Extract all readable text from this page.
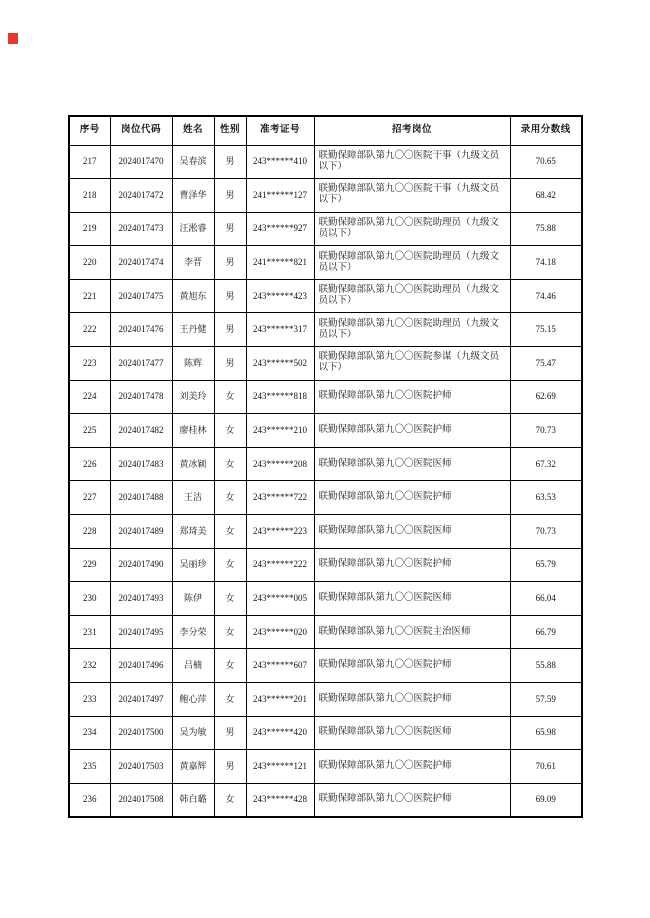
序号	岗位代码	姓名	性别	准考证号	招考岗位	录用分数线
217	2024017470	吴春滨	男	243******410	联勤保障部队第九〇〇医院干事（九级文员以下）	70.65
218	2024017472	曹泽华	男	241******127	联勤保障部队第九〇〇医院干事（九级文员以下）	68.42
219	2024017473	汪淞睿	男	243******927	联勤保障部队第九〇〇医院助理员（九级文员以下）	75.88
220	2024017474	李晋	男	241******821	联勤保障部队第九〇〇医院助理员（九级文员以下）	74.18
221	2024017475	黄旭东	男	243******423	联勤保障部队第九〇〇医院助理员（九级文员以下）	74.46
222	2024017476	王丹健	男	243******317	联勤保障部队第九〇〇医院助理员（九级文员以下）	75.15
223	2024017477	陈辉	男	243******502	联勤保障部队第九〇〇医院参谋（九级文员以下）	75.47
224	2024017478	刘美玲	女	243******818	联勤保障部队第九〇〇医院护师	62.69
225	2024017482	廖桂林	女	243******210	联勤保障部队第九〇〇医院护师	70.73
226	2024017483	黄冰颖	女	243******208	联勤保障部队第九〇〇医院医师	67.32
227	2024017488	王洁	女	243******722	联勤保障部队第九〇〇医院护师	63.53
228	2024017489	郑琦美	女	243******223	联勤保障部队第九〇〇医院医师	70.73
229	2024017490	吴丽珍	女	243******222	联勤保障部队第九〇〇医院护师	65.79
230	2024017493	陈伊	女	243******005	联勤保障部队第九〇〇医院医师	66.04
231	2024017495	李分荣	女	243******020	联勤保障部队第九〇〇医院主治医师	66.79
232	2024017496	吕楠	女	243******607	联勤保障部队第九〇〇医院护师	55.88
233	2024017497	鲍心萍	女	243******201	联勤保障部队第九〇〇医院护师	57.59
234	2024017500	吴为敏	男	243******420	联勤保障部队第九〇〇医院医师	65.98
235	2024017503	黄嘉辉	男	243******121	联勤保障部队第九〇〇医院护师	70.61
236	2024017508	韩白璐	女	243******428	联勤保障部队第九〇〇医院护师	69.09
